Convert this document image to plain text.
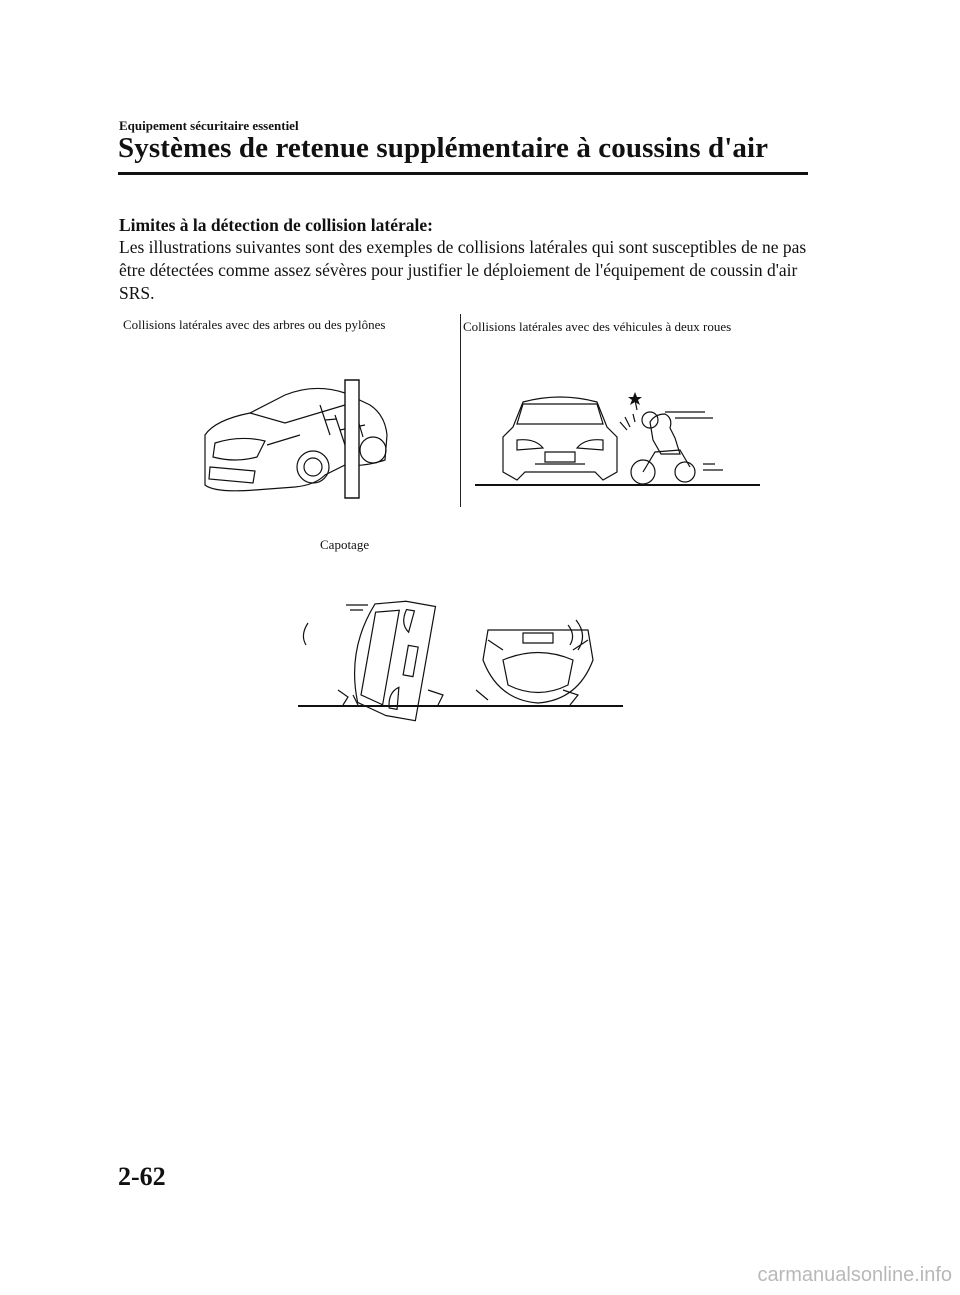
Equipement sécuritaire essentiel
Systèmes de retenue supplémentaire à coussins d'air
Limites à la détection de collision latérale:
Les illustrations suivantes sont des exemples de collisions latérales qui sont susceptibles de ne pas être détectées comme assez sévères pour justifier le déploiement de l'équipement de coussin d'air SRS.
Collisions latérales avec des arbres ou des pylônes	Collisions latérales avec des véhicules à deux roues
Capotage
2-62
carmanualsonline.info
